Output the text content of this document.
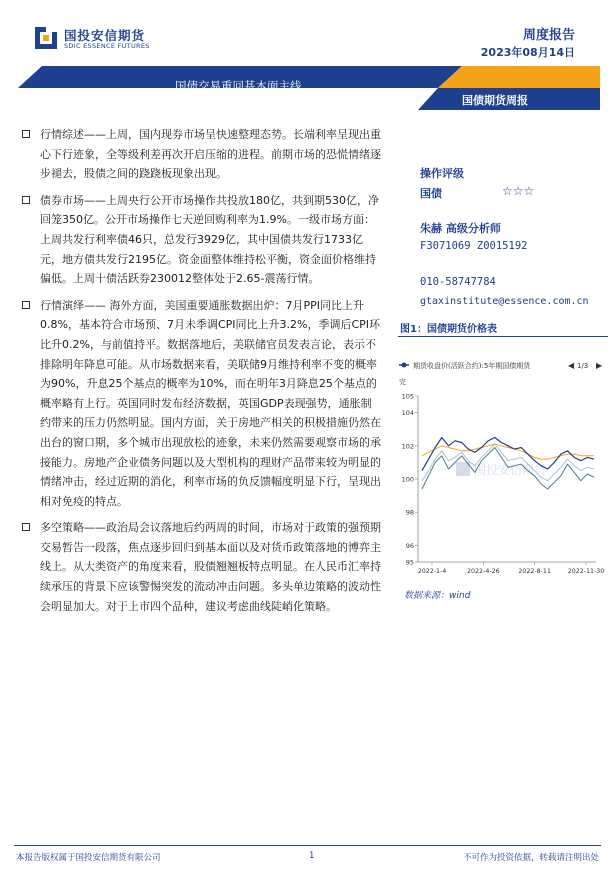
国投安信期货
SDIC ESSENCE FUTURES
周度报告
2023年08月14日
国债交易重回基本面主线
国债期货周报
行情综述——上周，国内现券市场呈快速整理态势。长端利率呈现出重心下行迹象，全等级利差再次开启压缩的进程。前期市场的恐慌情绪逐步褪去，股债之间的跷跷板现象出现。
债券市场——上周央行公开市场操作共投放180亿，共到期530亿，净回笼350亿。公开市场操作七天逆回购利率为1.9%。一级市场方面：上周共发行利率债46只，总发行3929亿，其中国债共发行1733亿元，地方债共发行2195亿。资金面整体维持松平衡，资金面价格维持偏低。上周十债活跃券230012整体处于2.65-震荡行情。
行情演绎—— 海外方面，美国重要通胀数据出炉：7月PPI同比上升0.8%，基本符合市场预、7月未季调CPI同比上升3.2%，季调后CPI环比升0.2%，与前值持平。数据落地后，美联储官员发表言论，表示不排除明年降息可能。从市场数据来看，美联储9月维持利率不变的概率为90%，升息25个基点的概率为10%，而在明年3月降息25个基点的概率略有上行。英国同时发布经济数据，英国GDP表现强势，通胀制约带来的压力仍然明显。国内方面，关于房地产相关的积极措施仍然在出台的窗口期，多个城市出现放松的迹象，未来仍然需要观察市场的承接能力。房地产企业债务问题以及大型机构的理财产品带来较为明显的情绪冲击，经过近期的消化，利率市场的负反馈幅度明显下行，呈现出相对免疫的特点。
多空策略——政治局会议落地后约两周的时间，市场对于政策的强预期交易暂告一段落，焦点逐步回归到基本面以及对货币政策落地的博弈主线上。从大类资产的角度来看，股债翘翘板特点明显。在人民币汇率持续承压的背景下应该警惕突发的流动冲击问题。多头单边策略的波动性会明显加大。对于上市四个品种，建议考虑曲线陡峭化策略。
操作评级
国债	☆☆☆
朱赫 高级分析师
F3071069 Z0015192
010-58747784
gtaxinstitute@essence.com.cn
图1：国债期货价格表
期货收盘价(活跃合约):5年期国债期货	◀ 1/3 ▶
完
国投安信期货
95
96
98
100
102
104
105
2022-1-4	2022-4-26	2022-8-11	2022-11-30
数据来源：wind
本报告版权属于国投安信期货有限公司	1	不可作为投资依据，转载请注明出处
